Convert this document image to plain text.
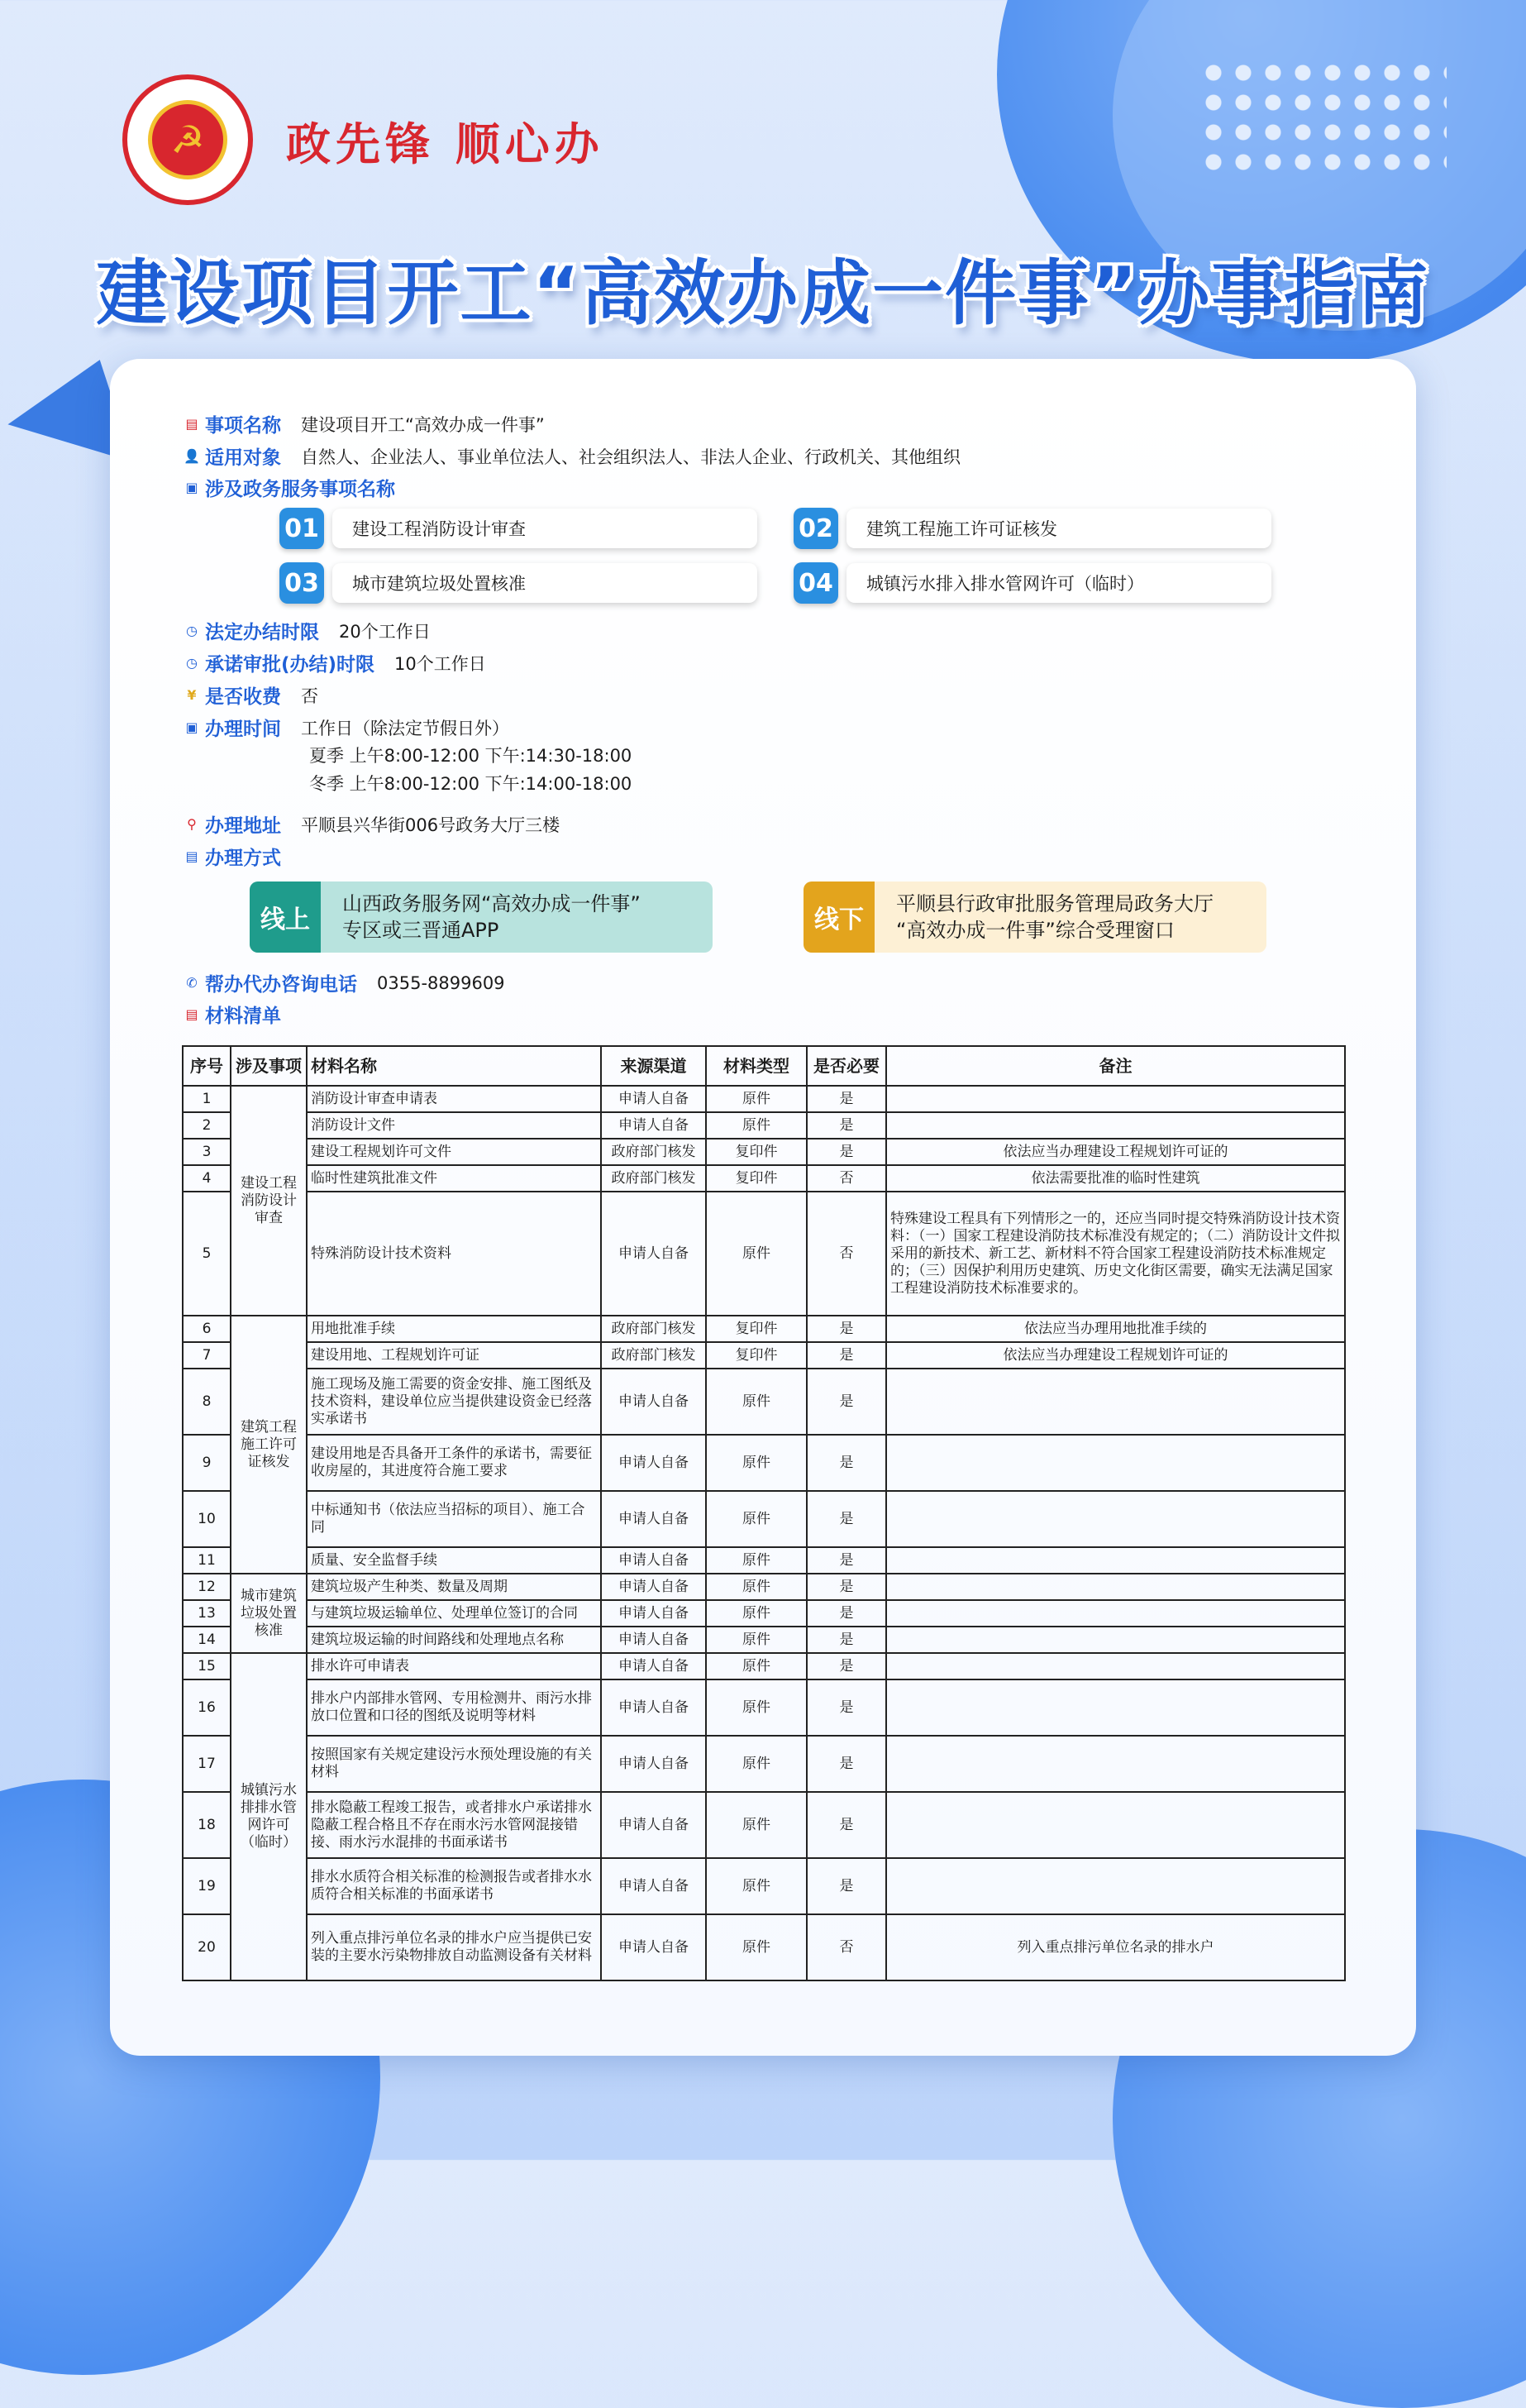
☭	政先锋 顺心办
建设项目开工“高效办成一件事”办事指南
▤ 事项名称 建设项目开工“高效办成一件事”
👤 适用对象 自然人、企业法人、事业单位法人、社会组织法人、非法人企业、行政机关、其他组织
▣ 涉及政务服务事项名称
01	建设工程消防设计审查	02	建筑工程施工许可证核发
03	城市建筑垃圾处置核准	04	城镇污水排入排水管网许可（临时）
◷ 法定办结时限 20个工作日
◷ 承诺审批(办结)时限 10个工作日
¥ 是否收费 否
▣ 办理时间 工作日（除法定节假日外）
夏季 上午8:00-12:00 下午:14:30-18:00
冬季 上午8:00-12:00 下午:14:00-18:00
⚲ 办理地址 平顺县兴华街006号政务大厅三楼
▤ 办理方式
线上
山西政务服务网“高效办成一件事”
专区或三晋通APP	线下
平顺县行政审批服务管理局政务大厅
“高效办成一件事”综合受理窗口
✆ 帮办代办咨询电话 0355-8899609
▤ 材料清单
序号	涉及事项	材料名称	来源渠道	材料类型	是否必要	备注
1	建设工程消防设计审查	消防设计审查申请表	申请人自备	原件	是	
2		消防设计文件	申请人自备	原件	是	
3		建设工程规划许可文件	政府部门核发	复印件	是	依法应当办理建设工程规划许可证的
4		临时性建筑批准文件	政府部门核发	复印件	否	依法需要批准的临时性建筑
5		特殊消防设计技术资料	申请人自备	原件	否	特殊建设工程具有下列情形之一的，还应当同时提交特殊消防设计技术资料：（一）国家工程建设消防技术标准没有规定的；（二）消防设计文件拟采用的新技术、新工艺、新材料不符合国家工程建设消防技术标准规定的；（三）因保护利用历史建筑、历史文化街区需要，确实无法满足国家工程建设消防技术标准要求的。
6	建筑工程施工许可证核发	用地批准手续	政府部门核发	复印件	是	依法应当办理用地批准手续的
7		建设用地、工程规划许可证	政府部门核发	复印件	是	依法应当办理建设工程规划许可证的
8		施工现场及施工需要的资金安排、施工图纸及技术资料，建设单位应当提供建设资金已经落实承诺书	申请人自备	原件	是	
9		建设用地是否具备开工条件的承诺书，需要征收房屋的，其进度符合施工要求	申请人自备	原件	是	
10		中标通知书（依法应当招标的项目）、施工合同	申请人自备	原件	是	
11		质量、安全监督手续	申请人自备	原件	是	
12	城市建筑垃圾处置核准	建筑垃圾产生种类、数量及周期	申请人自备	原件	是	
13		与建筑垃圾运输单位、处理单位签订的合同	申请人自备	原件	是	
14		建筑垃圾运输的时间路线和处理地点名称	申请人自备	原件	是	
15	城镇污水排排水管网许可（临时）	排水许可申请表	申请人自备	原件	是	
16		排水户内部排水管网、专用检测井、雨污水排放口位置和口径的图纸及说明等材料	申请人自备	原件	是	
17		按照国家有关规定建设污水预处理设施的有关材料	申请人自备	原件	是	
18		排水隐蔽工程竣工报告，或者排水户承诺排水隐蔽工程合格且不存在雨水污水管网混接错接、雨水污水混排的书面承诺书	申请人自备	原件	是	
19		排水水质符合相关标准的检测报告或者排水水质符合相关标准的书面承诺书	申请人自备	原件	是	
20		列入重点排污单位名录的排水户应当提供已安装的主要水污染物排放自动监测设备有关材料	申请人自备	原件	否	列入重点排污单位名录的排水户
